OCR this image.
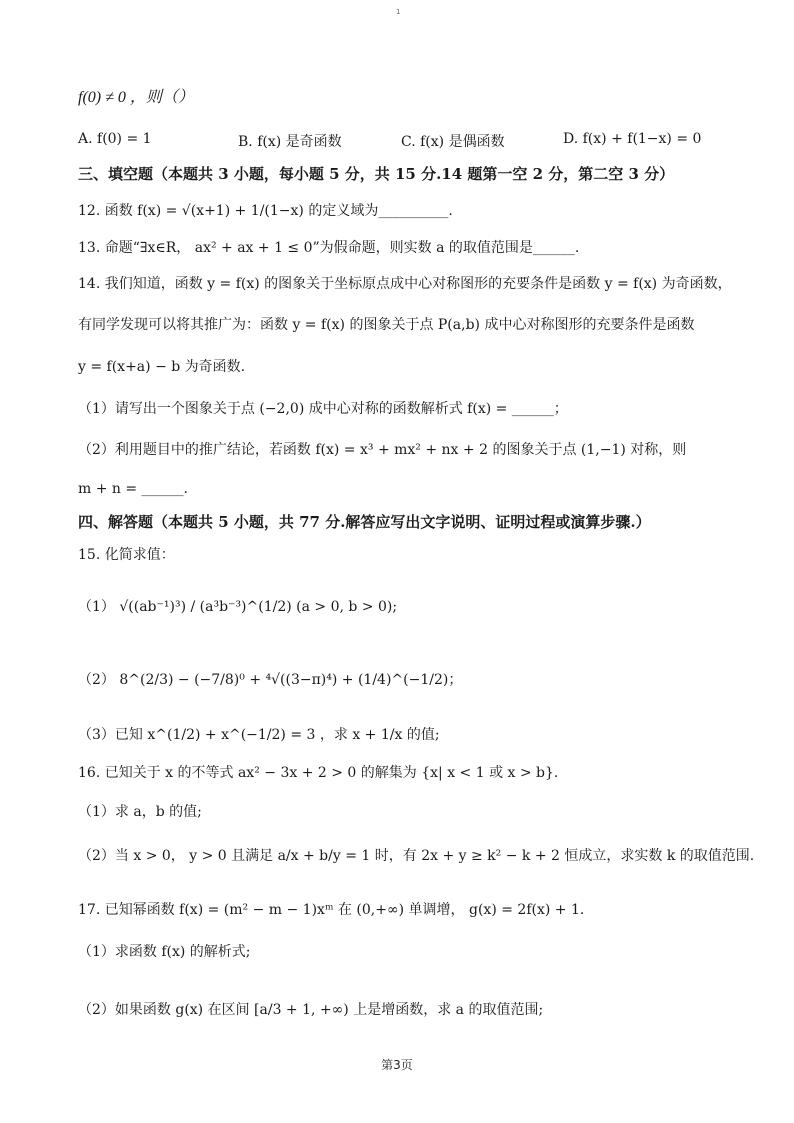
1
f(0) ≠ 0 ，则（）
A. f(0) = 1	B. f(x) 是奇函数	C. f(x) 是偶函数	D. f(x) + f(1−x) = 0
三、填空题（本题共 3 小题，每小题 5 分，共 15 分.14 题第一空 2 分，第二空 3 分）
12. 函数 f(x) = √(x+1) + 1/(1−x) 的定义域为__________.
13. 命题“∃x∈R， ax² + ax + 1 ≤ 0”为假命题，则实数 a 的取值范围是______.
14. 我们知道，函数 y = f(x) 的图象关于坐标原点成中心对称图形的充要条件是函数 y = f(x) 为奇函数，
有同学发现可以将其推广为：函数 y = f(x) 的图象关于点 P(a,b) 成中心对称图形的充要条件是函数
y = f(x+a) − b 为奇函数.
（1）请写出一个图象关于点 (−2,0) 成中心对称的函数解析式 f(x) = ______；
（2）利用题目中的推广结论，若函数 f(x) = x³ + mx² + nx + 2 的图象关于点 (1,−1) 对称，则
m + n = ______.
四、解答题（本题共 5 小题，共 77 分.解答应写出文字说明、证明过程或演算步骤.）
15. 化简求值：
（1） √((ab⁻¹)³) / (a³b⁻³)^(1/2) (a > 0, b > 0);
（2） 8^(2/3) − (−7/8)⁰ + ⁴√((3−π)⁴) + (1/4)^(−1/2)；
（3）已知 x^(1/2) + x^(−1/2) = 3 ，求 x + 1/x 的值;
16. 已知关于 x 的不等式 ax² − 3x + 2 > 0 的解集为 {x| x < 1 或 x > b}.
（1）求 a，b 的值;
（2）当 x > 0， y > 0 且满足 a/x + b/y = 1 时，有 2x + y ≥ k² − k + 2 恒成立，求实数 k 的取值范围.
17. 已知幂函数 f(x) = (m² − m − 1)xᵐ 在 (0,+∞) 单调增， g(x) = 2f(x) + 1.
（1）求函数 f(x) 的解析式;
（2）如果函数 g(x) 在区间 [a/3 + 1, +∞) 上是增函数，求 a 的取值范围;
第3页
